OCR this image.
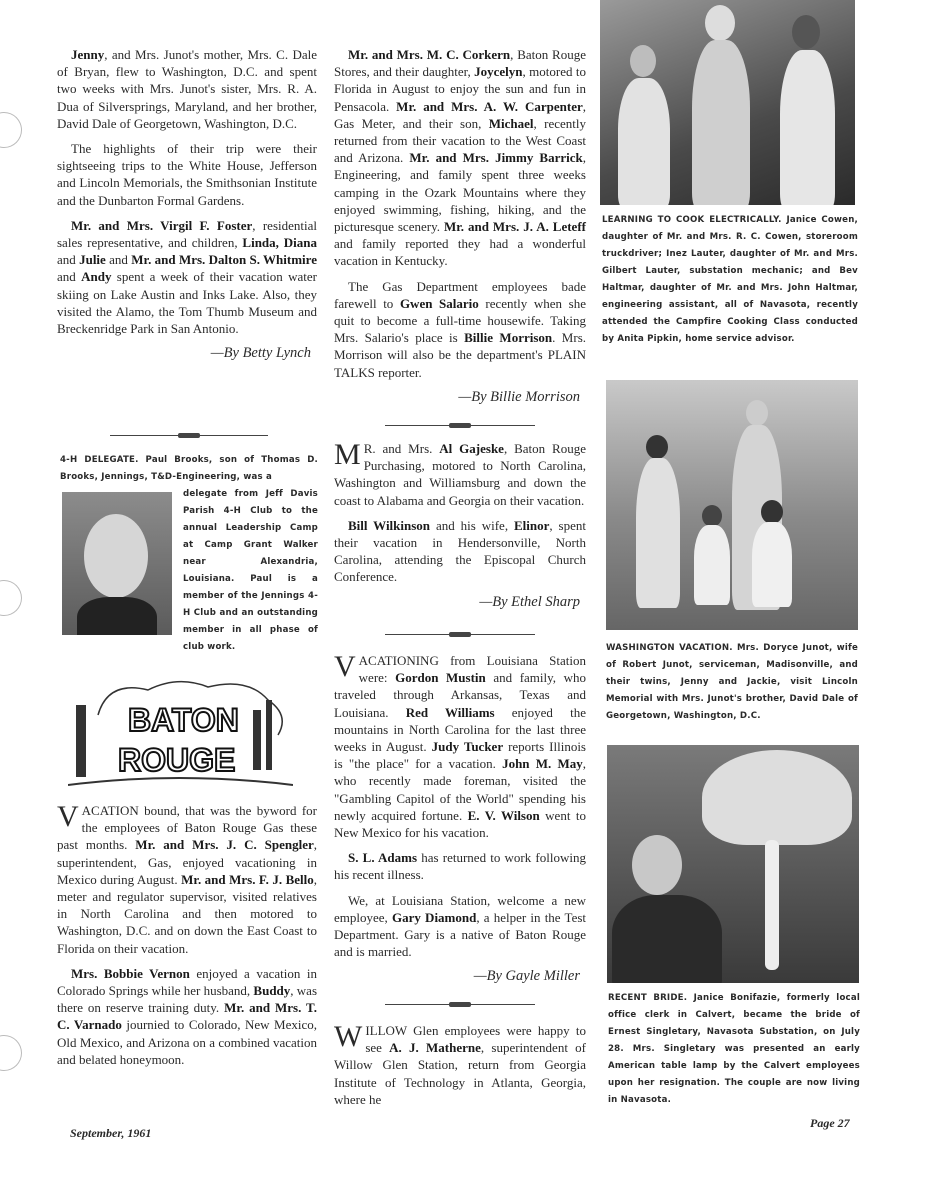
Jenny, and Mrs. Junot's mother, Mrs. C. Dale of Bryan, flew to Washington, D.C. and spent two weeks with Mrs. Junot's sister, Mrs. R. A. Dua of Silversprings, Maryland, and her brother, David Dale of Georgetown, Washington, D.C.

The highlights of their trip were their sightseeing trips to the White House, Jefferson and Lincoln Memorials, the Smithsonian Institute and the Dunbarton Formal Gardens.

Mr. and Mrs. Virgil F. Foster, residential sales representative, and children, Linda, Diana and Julie and Mr. and Mrs. Dalton S. Whitmire and Andy spent a week of their vacation water skiing on Lake Austin and Inks Lake. Also, they visited the Alamo, the Tom Thumb Museum and Breckenridge Park in San Antonio.

—By Betty Lynch
4-H DELEGATE. Paul Brooks, son of Thomas D. Brooks, Jennings, T&D-Engineering, was a
delegate from Jeff Davis Parish 4-H Club to the annual Leadership Camp at Camp Grant Walker near Alexandria, Louisiana. Paul is a member of the Jennings 4-H Club and an outstanding member in all phase of club work.
BATON
ROUGE

VACATION bound, that was the byword for the employees of Baton Rouge Gas these past months. Mr. and Mrs. J. C. Spengler, superintendent, Gas, enjoyed vacationing in Mexico during August. Mr. and Mrs. F. J. Bello, meter and regulator supervisor, visited relatives in North Carolina and then motored to Washington, D.C. and on down the East Coast to Florida on their vacation.

Mrs. Bobbie Vernon enjoyed a vacation in Colorado Springs while her husband, Buddy, was there on reserve training duty. Mr. and Mrs. T. C. Varnado journied to Colorado, New Mexico, Old Mexico, and Arizona on a combined vacation and belated honeymoon.

September, 1961

Mr. and Mrs. M. C. Corkern, Baton Rouge Stores, and their daughter, Joycelyn, motored to Florida in August to enjoy the sun and fun in Pensacola. Mr. and Mrs. A. W. Carpenter, Gas Meter, and their son, Michael, recently returned from their vacation to the West Coast and Arizona. Mr. and Mrs. Jimmy Barrick, Engineering, and family spent three weeks camping in the Ozark Mountains where they enjoyed swimming, fishing, hiking, and the picturesque scenery. Mr. and Mrs. J. A. Leteff and family reported they had a wonderful vacation in Kentucky.

The Gas Department employees bade farewell to Gwen Salario recently when she quit to become a full-time housewife. Taking Mrs. Salario's place is Billie Morrison. Mrs. Morrison will also be the department's PLAIN TALKS reporter.

—By Billie Morrison

M R. and Mrs. Al Gajeske, Baton Rouge Purchasing, motored to North Carolina, Washington and Williamsburg and down the coast to Alabama and Georgia on their vacation.

Bill Wilkinson and his wife, Elinor, spent their vacation in Hendersonville, North Carolina, attending the Episcopal Church Conference.

—By Ethel Sharp

VACATIONING from Louisiana Station were: Gordon Mustin and family, who traveled through Arkansas, Texas and Louisiana. Red Williams enjoyed the mountains in North Carolina for the last three weeks in August. Judy Tucker reports Illinois is "the place" for a vacation. John M. May, who recently made foreman, visited the "Gambling Capitol of the World" spending his newly acquired fortune. E. V. Wilson went to New Mexico for his vacation.

S. L. Adams has returned to work following his recent illness.

We, at Louisiana Station, welcome a new employee, Gary Diamond, a helper in the Test Department. Gary is a native of Baton Rouge and is married.

—By Gayle Miller

WILLOW Glen employees were happy to see A. J. Matherne, superintendent of Willow Glen Station, return from Georgia Institute of Technology in Atlanta, Georgia, where he

LEARNING TO COOK ELECTRICALLY. Janice Cowen, daughter of Mr. and Mrs. R. C. Cowen, storeroom truckdriver; Inez Lauter, daughter of Mr. and Mrs. Gilbert Lauter, substation mechanic; and Bev Haltmar, daughter of Mr. and Mrs. John Haltmar, engineering assistant, all of Navasota, recently attended the Campfire Cooking Class conducted by Anita Pipkin, home service advisor.
WASHINGTON VACATION. Mrs. Doryce Junot, wife of Robert Junot, serviceman, Madisonville, and their twins, Jenny and Jackie, visit Lincoln Memorial with Mrs. Junot's brother, David Dale of Georgetown, Washington, D.C.
RECENT BRIDE. Janice Bonifazie, formerly local office clerk in Calvert, became the bride of Ernest Singletary, Navasota Substation, on July 28. Mrs. Singletary was presented an early American table lamp by the Calvert employees upon her resignation. The couple are now living in Navasota.
Page 27
